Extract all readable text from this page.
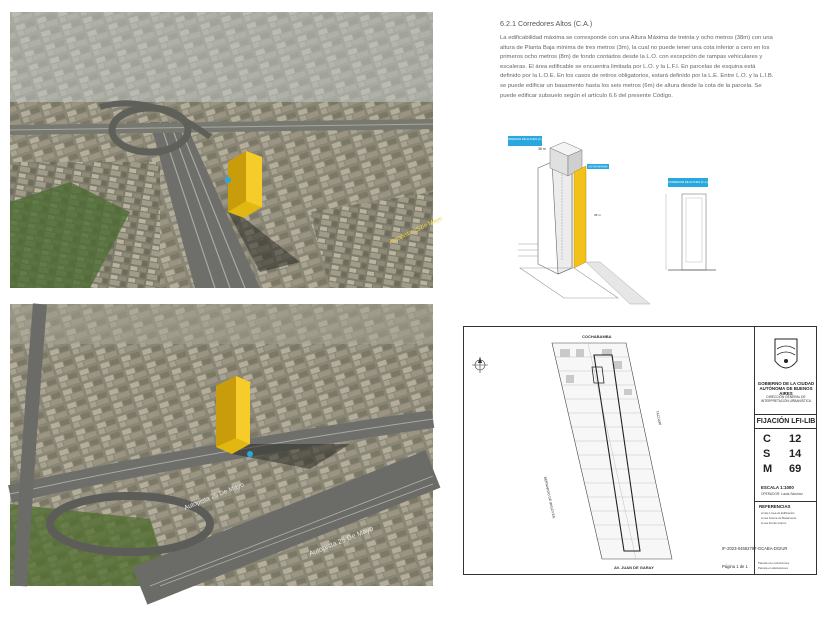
Autopista 25 de Mayo
Autopista 25 De Mayo
Autopista 25 De Mayo
6.2.1 Corredores Altos (C.A.)
La edificabilidad máxima se corresponde con una Altura Máxima de treinta y ocho metros (38m) con una altura de Planta Baja mínima de tres metros (3m), la cual no puede tener una cota inferior a cero en los primeros ocho metros (8m) de fondo contados desde la L.O. con excepción de rampas vehiculares y escaleras. El área edificable se encuentra limitada por L.O. y la L.F.I. En parcelas de esquina está definido por la L.O.E. En los casos de retiros obligatorios, estará definido por la L.E. Entre L.O. y la L.I.B. se puede edificar un basamento hasta los seis metros (6m) de altura desde la cota de la parcela. Se puede edificar subsuelo según el artículo 6.6 del presente Código.
CORREDOR DE ALTURA (C.A.)
38 m
ALTURA MÁXIMA
38 m
CORREDOR DE ALTURA (C.A.)
COCHABAMBA
AV. JUAN DE GARAY
BERNARDO DE IRIGOYEN
TACUARÍ
IF-2023-04592797-GCABA-DGIUR
Página 1 de 1
GOBIERNO DE LA CIUDAD AUTÓNOMA DE BUENOS AIRES
DIRECCIÓN GENERAL DE INTERPRETACIÓN URBANÍSTICA
FIJACIÓN LFI-LIB
C 12
S 14
M 69
ESCALA 1:1000
OPERADOR: Lucas Sánchez
REFERENCIAS
Límite Línea de Edificación
Línea Interna de Basamento
Línea Frente Interno
Parcela con restricciones
Parcela en afectaciones
